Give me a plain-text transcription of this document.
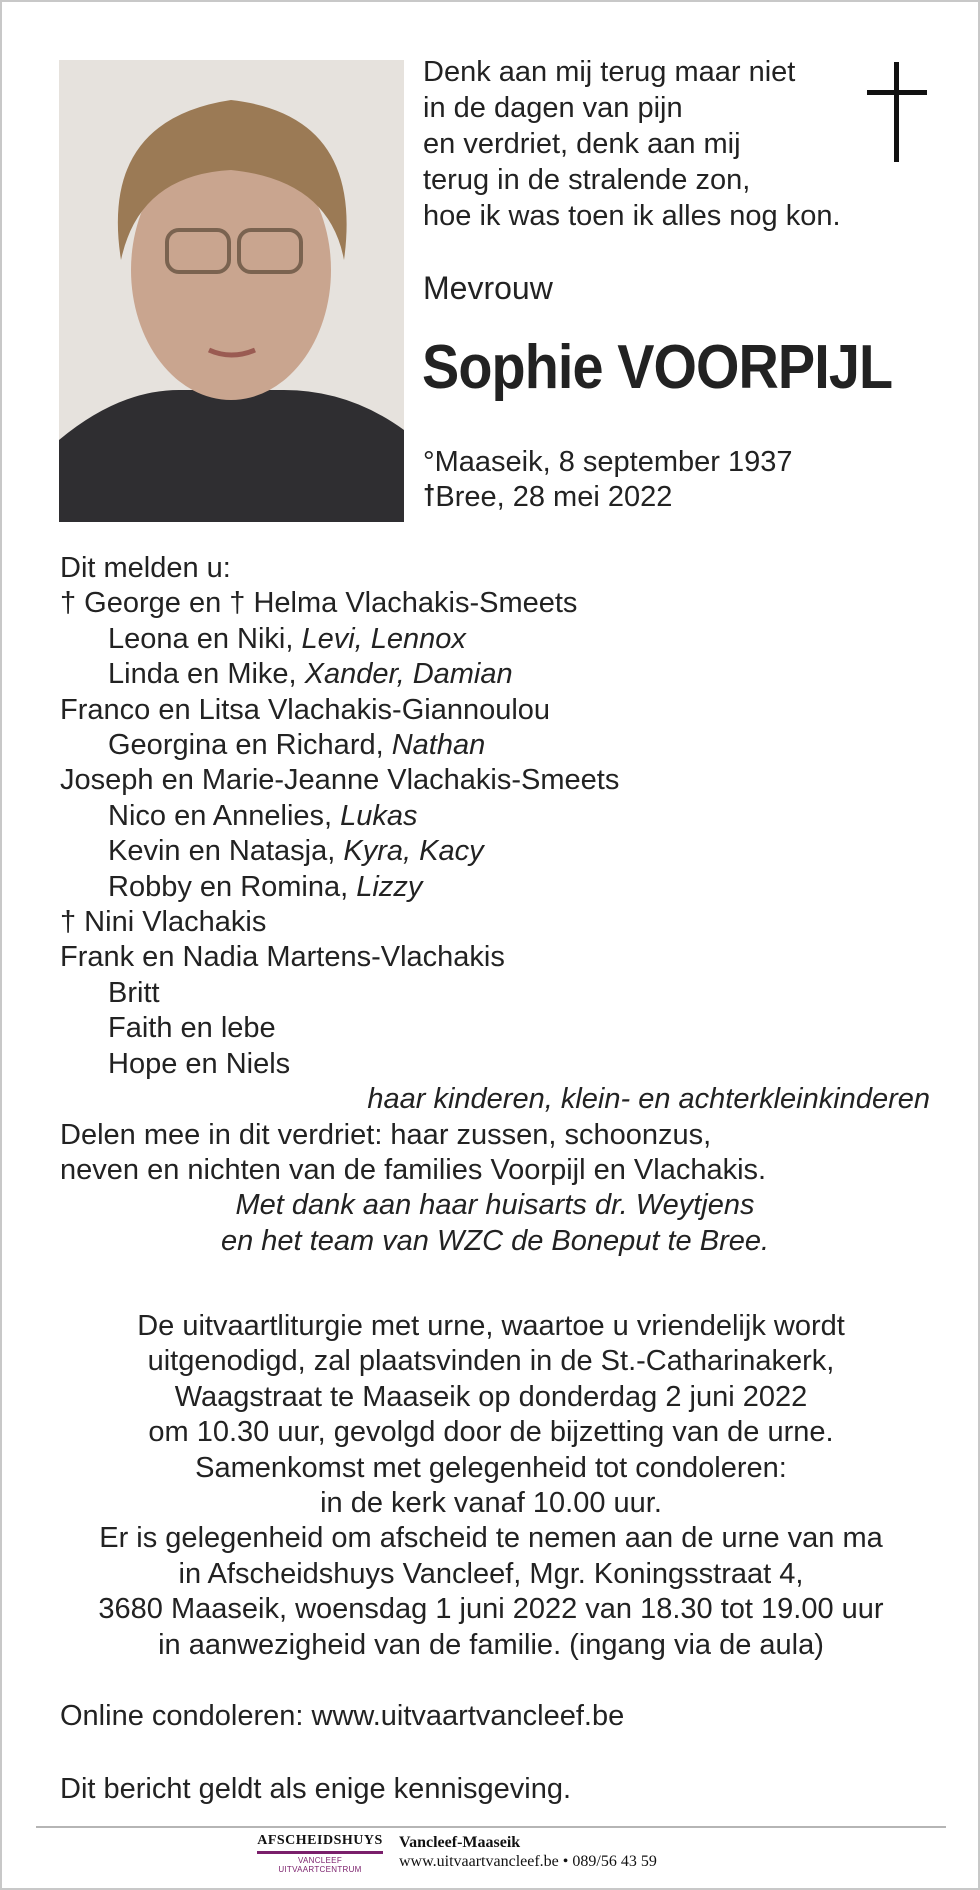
Denk aan mij terug maar niet
in de dagen van pijn
en verdriet, denk aan mij
terug in de stralende zon,
hoe ik was toen ik alles nog kon.
Mevrouw
Sophie VOORPIJL
°Maaseik, 8 september 1937
ꝉBree, 28 mei 2022
Dit melden u:
† George en † Helma Vlachakis-Smeets
Leona en Niki, Levi, Lennox
Linda en Mike, Xander, Damian
Franco en Litsa Vlachakis-Giannoulou
Georgina en Richard, Nathan
Joseph en Marie-Jeanne Vlachakis-Smeets
Nico en Annelies, Lukas
Kevin en Natasja, Kyra, Kacy
Robby en Romina, Lizzy
† Nini Vlachakis
Frank en Nadia Martens-Vlachakis
Britt
Faith en lebe
Hope en Niels
haar kinderen, klein- en achterkleinkinderen
Delen mee in dit verdriet: haar zussen, schoonzus,
neven en nichten van de families Voorpijl en Vlachakis.
Met dank aan haar huisarts dr. Weytjens
en het team van WZC de Boneput te Bree.
De uitvaartliturgie met urne, waartoe u vriendelijk wordt
uitgenodigd, zal plaatsvinden in de St.-Catharinakerk,
Waagstraat te Maaseik op donderdag 2 juni 2022
om 10.30 uur, gevolgd door de bijzetting van de urne.
Samenkomst met gelegenheid tot condoleren:
in de kerk vanaf 10.00 uur.
Er is gelegenheid om afscheid te nemen aan de urne van ma
in Afscheidshuys Vancleef, Mgr. Koningsstraat 4,
3680 Maaseik, woensdag 1 juni 2022 van 18.30 tot 19.00 uur
in aanwezigheid van de familie. (ingang via de aula)
Online condoleren: www.uitvaartvancleef.be
Dit bericht geldt als enige kennisgeving.
AFSCHEIDSHUYS
VANCLEEF UITVAARTCENTRUM
Vancleef-Maaseik
www.uitvaartvancleef.be • 089/56 43 59
